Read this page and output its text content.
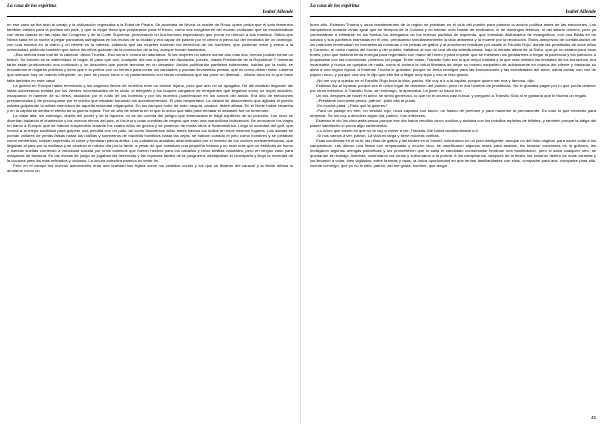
La casa de los espíritus
Isabel Allende

en ese caso se iba todo al carajo y la civilización regresaba a la Edad de Piedra. Se acortaba de Nívea, la madre de Rosa, quien pedía que el voto femenino también valiera para la política del país, y que la mujer tenía que prepararse para el futuro, como sus congéneres del mundo civilizado que se encadenaban con otras damas en las rejas del Congreso y de la Corte Suprema, provocando un bochornoso espectáculo que ponía en ridículo a sus maridos. Sabía que Nívea salía en la noche a pegar pancartas sufragistas en los muros de la ciudad y era capaz de pasear por el centro a plena luz del mediodía de un domingo, con una escoba en la mano y un birrete en la cabeza, pidiendo que las mujeres tuvieran los derechos de los hombres, que pudieran votar y entrar a la universidad, pidiendo también que todos los niños gozaran de la protección de la ley, aunque fueran bastardos.

-¡Esa señora está mal de la cabeza! -decía Trueba-. Eso sería ir contra la naturaleza. Si las mujeres no saben sumar dos más dos, menos podrán tomar un bisturí. Su función es la maternidad, el hogar. Al paso que van, cualquier día van a querer ser diputados, jueces, ¡hasta Presidente de la República! Y mientras tanto están produciendo una confusión y un desorden que puede terminar en un desastre. Andan publicando panfletos indecentes, hablan por la radio, se encadenan en lugares públicos y tiene que ir la policía con un herrero para cortar los candados y puedan llevárselas presas, que es como deben estar. Lástima que siempre hay un marido influyente, un juez de pocos bríos o un parlamentario con ideas revoltosas que las pone en libertad... ¡Mano dura es lo que hace falta también en este caso!

La guerra en Europa había terminado y los vagones llenos de muertos eran un clamor lejano, pero que aún no se apagaba. De allí estaban llegando las ideas subversivas traídas por los vientos incontrolables de la radio, el telégrafo y los buques cargados de emigrantes que llegaban como un tropel aturdido, escapando el hambre de su tierra, asolados por el ruido de las bombas y por los muertos pudriéndose en los surcos del arado. Era año de elecciones presidenciales y de preocuparse por el vuelco que estaban tomando los acontecimientos. El país despertaba. La oleada de descontento que agitaba al pueblo estaba golpeando la sólida estructura de aquella sociedad oligárquica. En los campos hubo de todo: sequía, caracol, fiebre aftosa. En el Norte había cesantía y en la capital se sentía el efecto de la guerra lejana. Fue un año de miseria en el que lo único que faltó para rematar el desastre fue un terremoto.

La clase alta, sin embargo, dueña del poder y de la riqueza, no se dio cuenta del peligro que amenazaba el frágil equilibrio de su posición. Los ricos se divertían bailando el charlestón y los nuevos ritmos del jazz, el fox-trot y unas cumbias de negros que eran una maravillosa indecencia. Se renovaron los viajes en barco a Europa, que se habían suspendido durante los cuatro años de guerra y se pusieron de moda otros a Norteamérica. Llegó la novedad del golf, que reunía a la mejor sociedad para golpear una pelotita con un palo, tal como doscientos años antes hacían los indios en esos mismos lugares. Las damas se ponían collares de perlas falsas hasta las rodillas y sombreros de bacinilla hundidos hasta las cejas, se habían cortado el pelo como hombres y se pintaban como meretrices, habían suprimido el corsé y fumaban pierna arriba. Los caballeros andaban deslumbrados por el invento de los coches norteamericanos, que llegaban al país por la mañana y se vendían el mismo día por la tarde, a pesar de que costaban una pequeña fortuna y no eran más que un estrépito de humo y tuercas sueltas corriendo a velocidad suicida por unos caminos que fueron hechos para los caballos y otros bestias naturales, pero en ningún caso para máquinas de fantasía. En las mesas de juego se jugaban las herencias y las riquezas fáciles de la posguerra, destapaban el champaña y llegó la novedad de la cocaína para los más refinados y viciosos. La locura colectiva parecía no tener fin.

Pero en el campo los nuevos automóviles eran una realidad tan lejana como los vestidos cortos y los que se libraron del caracol y la fiebre aftosa lo anotaron como un

La casa de los espíritus
Isabel Allende

buen año. Esteban Trueba y otros terratenientes de la región se juntaban en el club del pueblo para planear la acción política antes de las elecciones. Los campesinos todavía vivían igual que en tiempos de la Colonia y no habían oído hablar de sindicatos, ni de domingos festivos, ni del salario mínimo, pero ya comenzaban a infiltrarse en los fundos los delegados de los nuevos partidos de izquierda, que entraban disfrazados de evangélicos, con una Biblia en un sobaco y sus panfletos marxistas en el otro, predicando simultáneamente la vida abstemia y la muerte por la revolución. Estos almuerzos de confabulación de los patrones terminaban en borracheras romanas o en peleas de gallos y al anochecer tomaban por asalto el Farolito Rojo, donde las prostitutas de doce años y Carmelo, el único marica del burdel y del pueblo, bailaban al son de una vitrola antediluviana, bajo la mirada alerta de la Sofía, que ya no estaba para esos trotes, pero que todavía tenía energía para regentarlo con mano de hierro y para impedir que se metiesen los gendarmes a fregar la paciencia y los patrones a propasarse con las muchachas, pidiendo sin pagar. Entre todas, Tránsito Soto era la que mejor bailaba y la que más resistía los embates de los borrachos, era incansable y nunca se quejaba de nada, como si tuviera la virtud tibetana de dejar su mísero esqueleto de adolescente en manos del cliente y trasladar su alma a una región lejana. A Esteban Trueba le gustaba, porque no tenía remilgos para las innovaciones y las brutalidades del amor, sabía cantar con voz de pájaro ronco, y porque una vez le dijo que ella iba a llegar muy lejos y eso le hizo gracia.

-No me voy a quedar en el Farolito Rojo toda la vida, patrón. Me voy a ir a la capital, porque quiero ser rica y famosa -dijo.

Esteban iba al lupanar porque era el único lugar de diversión del pueblo, pero no era hombre de prostitutas. No le gustaba pagar por lo que podía obtener por otros métodos. A Tránsito Soto, sin embargo, la apreciaba. La joven lo hacía reír.

Un día, después de hacer el amor, se sintió generoso, lo que no le ocurría casi nunca, y preguntó a Tránsito Soto si le gustaría que le hiciera un regalo.

-¡Préstame cincuenta pesos, patrón! -pidió ella al punto.

-Es mucha plata. ¿Para qué la quieres?

-Para un pasaje en tren, un vestido rojo, unos zapatos con tacón, un frasco de perfume y para hacerme la permanente. Es todo lo que necesito para empezar. Se los voy a devolver algún día, patrón. Con intereses.

Esteban le dio los cincuenta pesos porque ese día había vendido cinco novillos y andaba con los bolsillos repletos de billetes, y también porque la fatiga del placer satisfecho lo ponía algo sentimental.

-Lo único que siento es que no te voy a volver a ver, Tránsito. Me había acostumbrado a ti.

-Sí nos vamos a ver, patrón. La vida es larga y tiene muchas vueltas.

Esas comilonas en el club, las riñas de gallos y las tardes en el burdel, culminaron en un plan inteligente, aunque no del todo original, para hacer votar a los campesinos. Les dieron una fiesta con empanadas y mucho vino, se sacrificaron algunos reses para asarlas, les tocaron canciones en la guitarra, les endilgaron algunas arengas patrióticas y les prometieron que si salía el candidato conservador tendrían una bonificación, pero si salía cualquier otro, se quedarían sin trabajo. Además, controlaron las urnas y sobornaron a la policía. A los campesinos, después de la fiesta, los echaron dentro de unas carretas y los llevaron a votar, bien vigilados, entre bromas y risas, la única oportunidad en que tenían familiaridades con ellos, compadre para acá, compadre para allá, cuente conmigo, que yo no le fallo, patrón, así me gusta, hombre, que tenga

45
